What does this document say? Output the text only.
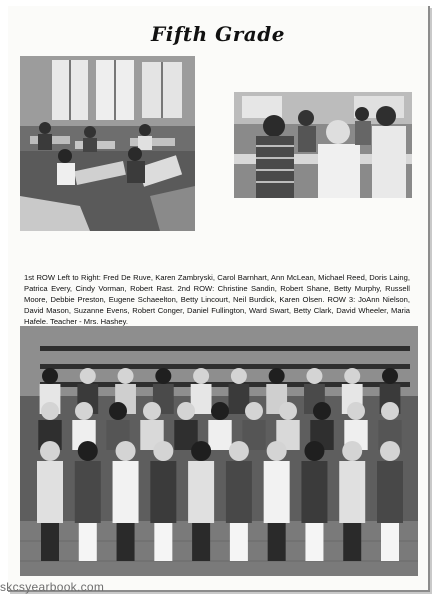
Fifth Grade
1st ROW Left to Right: Fred De Ruve, Karen Zambryski, Carol Barnhart, Ann McLean, Michael Reed, Doris Laing, Patrica Every, Cindy Vorman, Robert Rast. 2nd ROW: Christine Sandin, Robert Shane, Betty Murphy, Russell Moore, Debbie Preston, Eugene Schaeelton, Betty Lincourt, Neil Burdick, Karen Olsen. ROW 3: JoAnn Nielson, David Mason, Suzanne Evens, Robert Conger, Daniel Fullington, Ward Swart, Betty Clark, David Wheeler, Maria Hafele. Teacher - Mrs. Hashey.
skcsyearbook.com
